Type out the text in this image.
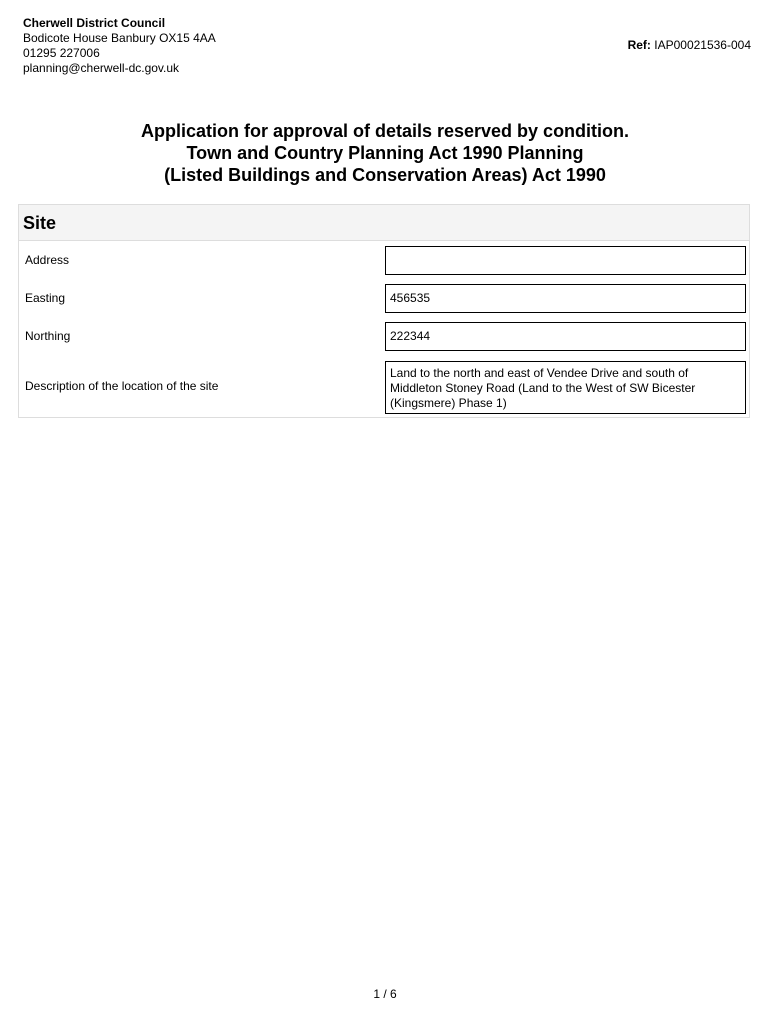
Cherwell District Council
Bodicote House Banbury OX15 4AA
01295 227006
planning@cherwell-dc.gov.uk
Ref: IAP00021536-004
Application for approval of details reserved by condition.
Town and Country Planning Act 1990 Planning
(Listed Buildings and Conservation Areas) Act 1990
Site
Address
Easting	456535
Northing	222344
Description of the location of the site
Land to the north and east of Vendee Drive and south of Middleton Stoney Road (Land to the West of SW Bicester (Kingsmere) Phase 1)
1 / 6
